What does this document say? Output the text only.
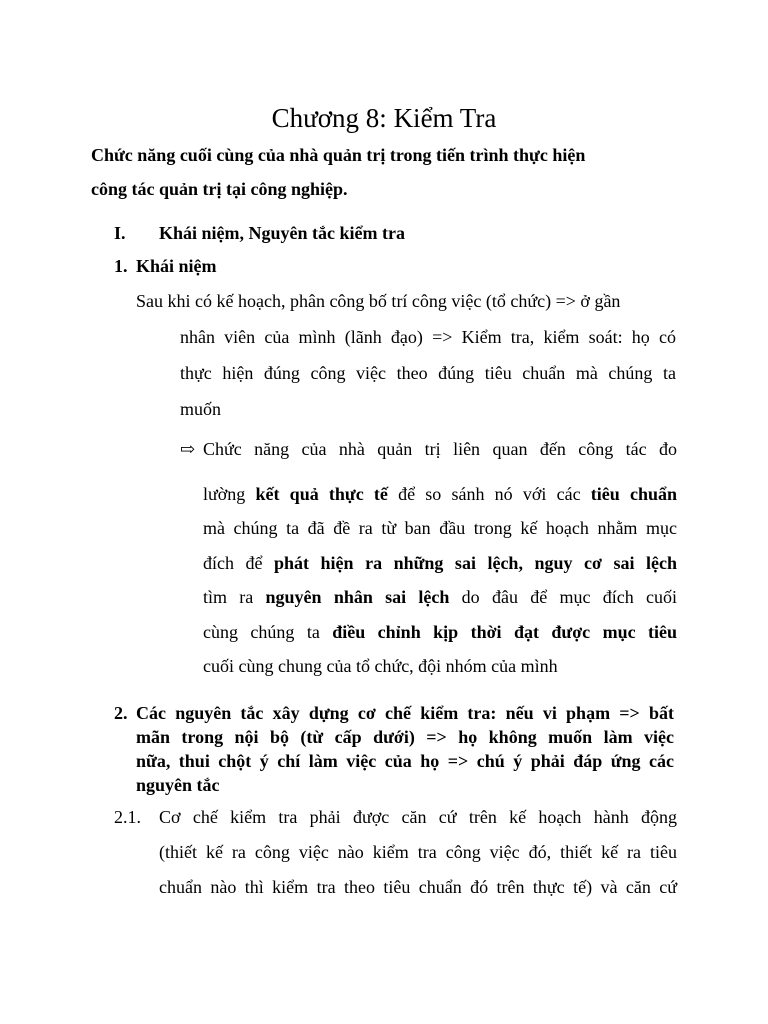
Chương 8: Kiểm Tra
Chức năng cuối cùng của nhà quản trị trong tiến trình thực hiện
công tác quản trị tại công nghiệp.
I. Khái niệm, Nguyên tắc kiểm tra
1. Khái niệm
Sau khi có kế hoạch, phân công bố trí công việc (tổ chức) => ở gần
nhân viên của mình (lãnh đạo) => Kiểm tra, kiểm soát: họ có
thực hiện đúng công việc theo đúng tiêu chuẩn mà chúng ta
muốn
⇨ Chức năng của nhà quản trị liên quan đến công tác đo
lường kết quả thực tế để so sánh nó với các tiêu chuẩn
mà chúng ta đã đề ra từ ban đầu trong kế hoạch nhằm mục
đích để phát hiện ra những sai lệch, nguy cơ sai lệch
tìm ra nguyên nhân sai lệch do đâu để mục đích cuối
cùng chúng ta điều chỉnh kịp thời đạt được mục tiêu
cuối cùng chung của tổ chức, đội nhóm của mình
2. Các nguyên tắc xây dựng cơ chế kiểm tra: nếu vi phạm => bất
mãn trong nội bộ (từ cấp dưới) => họ không muốn làm việc
nữa, thui chột ý chí làm việc của họ => chú ý phải đáp ứng các
nguyên tắc
2.1.	Cơ chế kiểm tra phải được căn cứ trên kế hoạch hành động
(thiết kế ra công việc nào kiểm tra công việc đó, thiết kế ra tiêu
chuẩn nào thì kiểm tra theo tiêu chuẩn đó trên thực tế) và căn cứ
